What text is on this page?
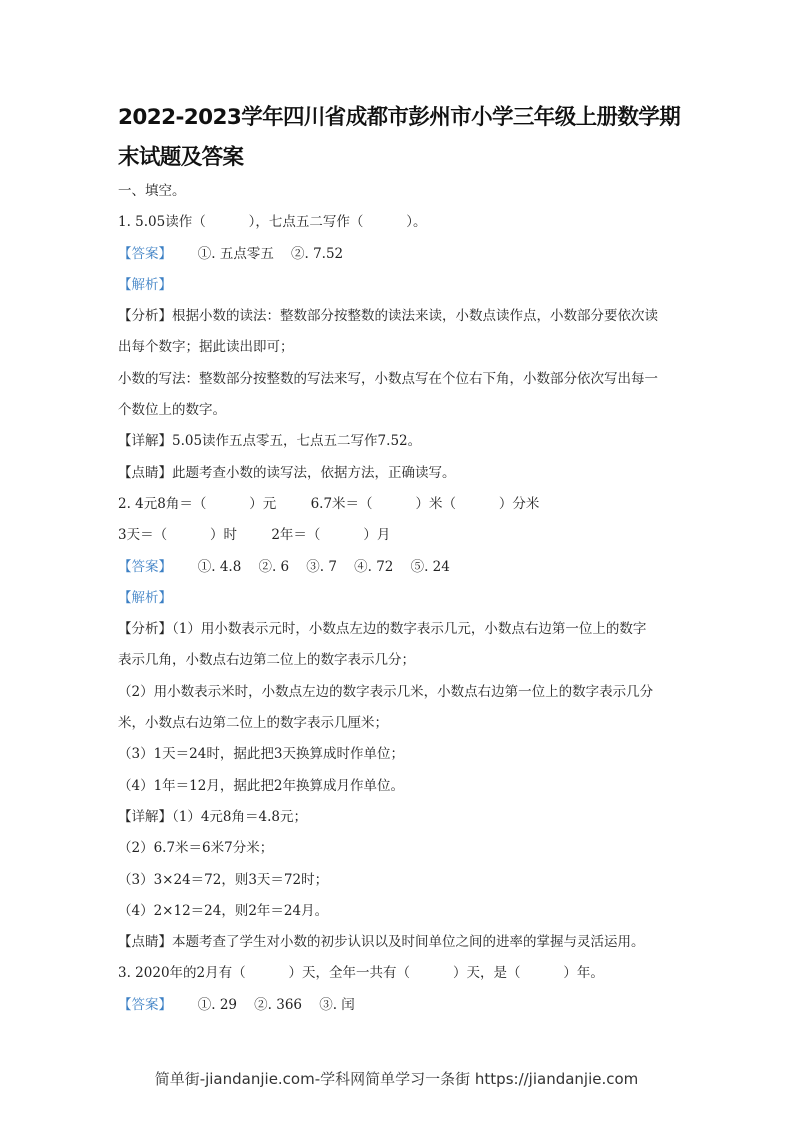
2022-2023学年四川省成都市彭州市小学三年级上册数学期
末试题及答案
一、填空。
1. 5.05读作（          ），七点五二写作（          ）。
【答案】      ①. 五点零五    ②. 7.52
【解析】
【分析】根据小数的读法：整数部分按整数的读法来读，小数点读作点，小数部分要依次读
出每个数字；据此读出即可；
小数的写法：整数部分按整数的写法来写，小数点写在个位右下角，小数部分依次写出每一
个数位上的数字。
【详解】5.05读作五点零五，七点五二写作7.52。
【点睛】此题考查小数的读写法，依据方法，正确读写。
2. 4元8角＝（          ）元        6.7米＝（          ）米（          ）分米
3天＝（          ）时        2年＝（          ）月
【答案】      ①. 4.8    ②. 6    ③. 7    ④. 72    ⑤. 24
【解析】
【分析】（1）用小数表示元时，小数点左边的数字表示几元，小数点右边第一位上的数字
表示几角，小数点右边第二位上的数字表示几分；
（2）用小数表示米时，小数点左边的数字表示几米，小数点右边第一位上的数字表示几分
米，小数点右边第二位上的数字表示几厘米；
（3）1天＝24时，据此把3天换算成时作单位；
（4）1年＝12月，据此把2年换算成月作单位。
【详解】（1）4元8角＝4.8元；
（2）6.7米＝6米7分米；
（3）3×24＝72，则3天＝72时；
（4）2×12＝24，则2年＝24月。
【点睛】本题考查了学生对小数的初步认识以及时间单位之间的进率的掌握与灵活运用。
3. 2020年的2月有（          ）天，全年一共有（          ）天，是（          ）年。
【答案】      ①. 29    ②. 366    ③. 闰
简单街-jiandanjie.com-学科网简单学习一条街 https://jiandanjie.com
